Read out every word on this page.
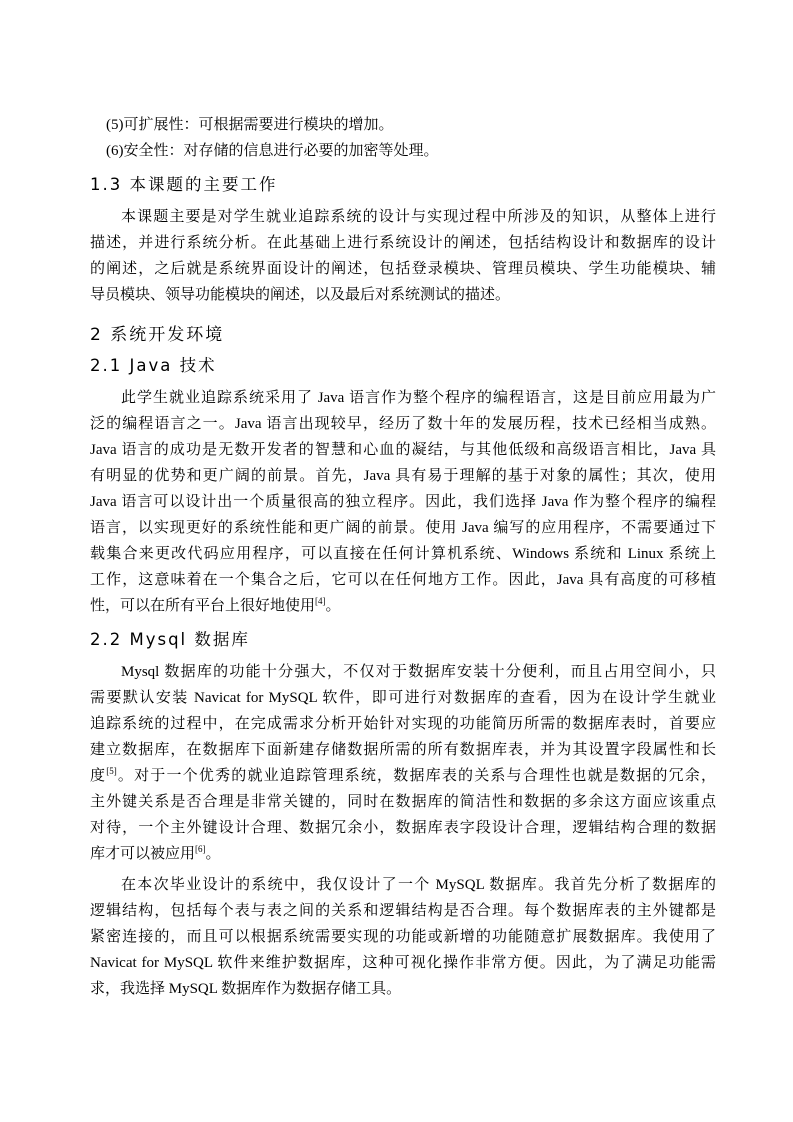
(5)可扩展性：可根据需要进行模块的增加。
(6)安全性：对存储的信息进行必要的加密等处理。
1.3 本课题的主要工作
本课题主要是对学生就业追踪系统的设计与实现过程中所涉及的知识，从整体上进行
描述，并进行系统分析。在此基础上进行系统设计的阐述，包括结构设计和数据库的设计
的阐述，之后就是系统界面设计的阐述，包括登录模块、管理员模块、学生功能模块、辅
导员模块、领导功能模块的阐述，以及最后对系统测试的描述。
2 系统开发环境
2.1 Java 技术
此学生就业追踪系统采用了 Java 语言作为整个程序的编程语言，这是目前应用最为广
泛的编程语言之一。Java 语言出现较早，经历了数十年的发展历程，技术已经相当成熟。
Java 语言的成功是无数开发者的智慧和心血的凝结，与其他低级和高级语言相比，Java 具
有明显的优势和更广阔的前景。首先，Java 具有易于理解的基于对象的属性；其次，使用
Java 语言可以设计出一个质量很高的独立程序。因此，我们选择 Java 作为整个程序的编程
语言，以实现更好的系统性能和更广阔的前景。使用 Java 编写的应用程序，不需要通过下
载集合来更改代码应用程序，可以直接在任何计算机系统、Windows 系统和 Linux 系统上
工作，这意味着在一个集合之后，它可以在任何地方工作。因此，Java 具有高度的可移植
性，可以在所有平台上很好地使用[4]。
2.2 Mysql 数据库
Mysql 数据库的功能十分强大，不仅对于数据库安装十分便利，而且占用空间小，只
需要默认安装 Navicat for MySQL 软件，即可进行对数据库的查看，因为在设计学生就业
追踪系统的过程中，在完成需求分析开始针对实现的功能简历所需的数据库表时，首要应
建立数据库，在数据库下面新建存储数据所需的所有数据库表，并为其设置字段属性和长
度[5]。对于一个优秀的就业追踪管理系统，数据库表的关系与合理性也就是数据的冗余，
主外键关系是否合理是非常关键的，同时在数据库的简洁性和数据的多余这方面应该重点
对待，一个主外键设计合理、数据冗余小，数据库表字段设计合理，逻辑结构合理的数据
库才可以被应用[6]。
在本次毕业设计的系统中，我仅设计了一个 MySQL 数据库。我首先分析了数据库的
逻辑结构，包括每个表与表之间的关系和逻辑结构是否合理。每个数据库表的主外键都是
紧密连接的，而且可以根据系统需要实现的功能或新增的功能随意扩展数据库。我使用了
Navicat for MySQL 软件来维护数据库，这种可视化操作非常方便。因此，为了满足功能需
求，我选择 MySQL 数据库作为数据存储工具。
